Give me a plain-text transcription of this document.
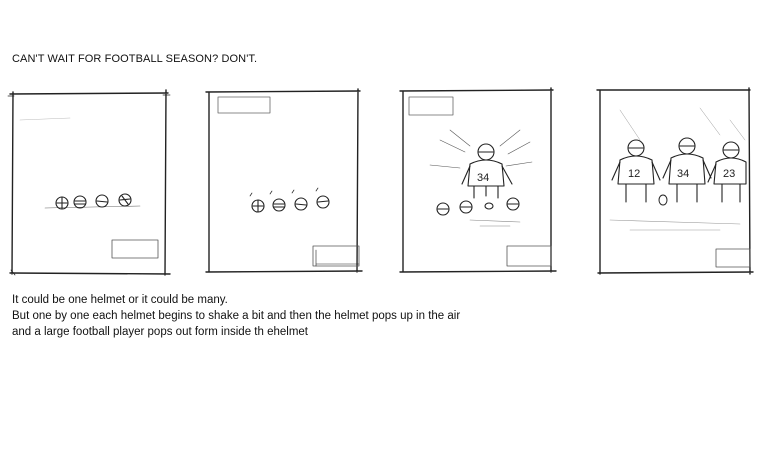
CAN'T WAIT FOR FOOTBALL SEASON? DON'T.
34	12	34	23
It could be one helmet or it could be many.
But one by one each helmet begins to shake a bit and then the helmet pops up in the air
and a large football player pops out form inside th ehelmet
